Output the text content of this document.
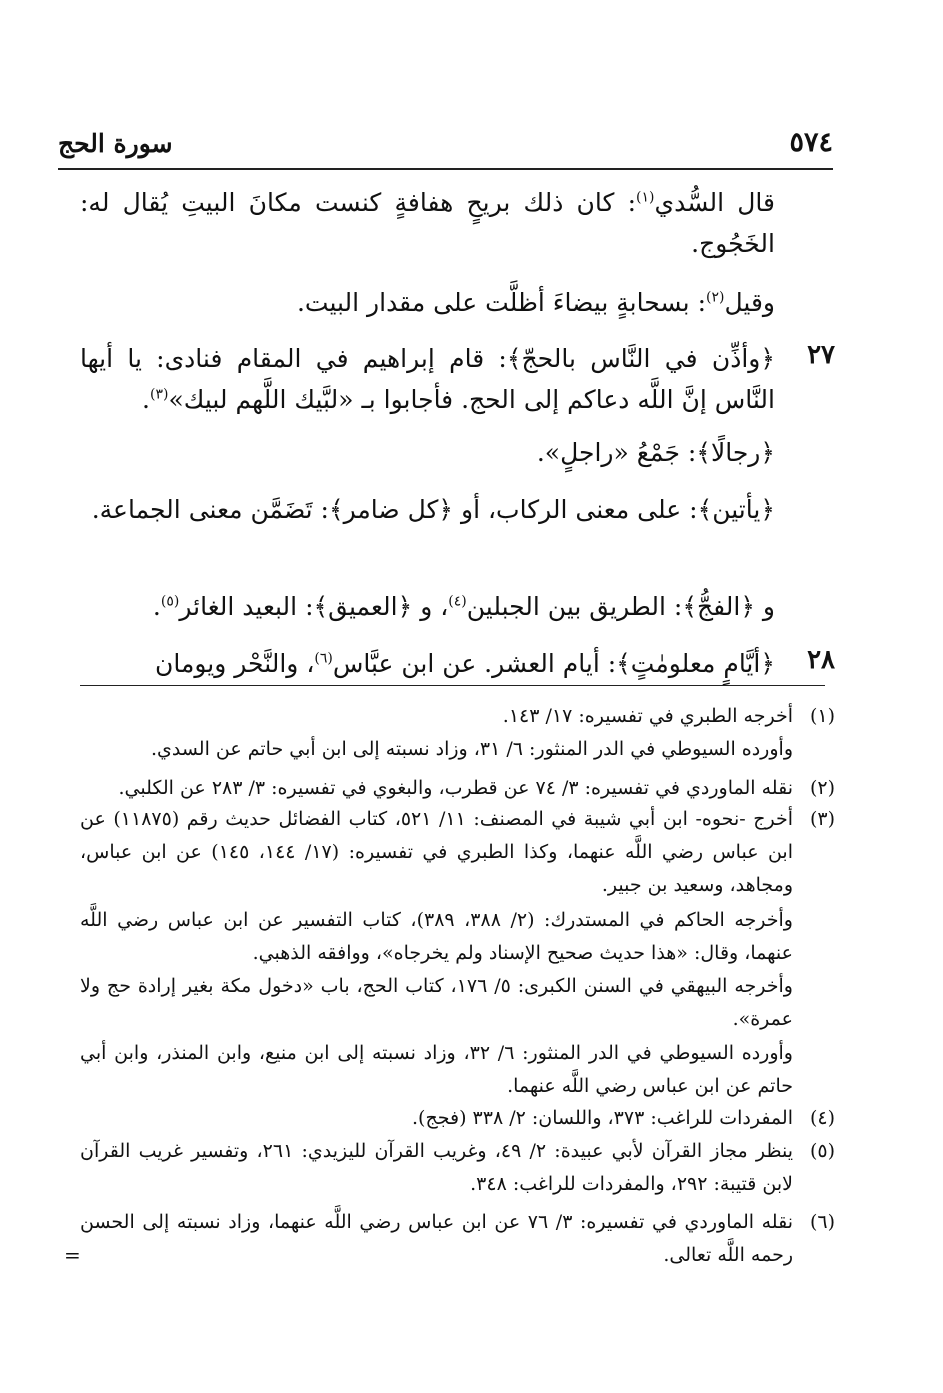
٥٧٤
سورة الحج

قال السُّدي$^{(١)}$: كان ذلك بريحٍ هفافةٍ كنست مكانَ البيتِ يُقال له: الخَجُوج.

وقيل$^{(٢)}$: بسحابةٍ بيضاءَ أظلَّت على مقدار البيت.

٢٧

﴿وأذِّن في النَّاس بالحجّ﴾: قام إبراهيم في المقام فنادى: يا أيها النَّاس إنَّ اللَّه دعاكم إلى الحج. فأجابوا بـ «لبَّيك اللَّهم لبيك»$^{(٣)}$.

﴿رجالًا﴾: جَمْعُ «راجلٍ».

﴿يأتين﴾: على معنى الركاب، أو ﴿كل ضامر﴾: تَضَمَّن معنى الجماعة.

و ﴿الفجُّ﴾: الطريق بين الجبلين$^{(٤)}$، و ﴿العميق﴾: البعيد الغائر$^{(٥)}$.

٢٨

﴿أيَّامٍ معلومٰتٍ﴾: أيام العشر. عن ابن عبَّاس$^{(٦)}$، والنَّحْر ويومان

(١)
أخرجه الطبري في تفسيره: ١٧/ ١٤٣.
وأورده السيوطي في الدر المنثور: ٦/ ٣١، وزاد نسبته إلى ابن أبي حاتم عن السدي.
(٢)
نقله الماوردي في تفسيره: ٣/ ٧٤ عن قطرب، والبغوي في تفسيره: ٣/ ٢٨٣ عن الكلبي.
(٣)
أخرج -نحوه- ابن أبي شيبة في المصنف: ١١/ ٥٢١، كتاب الفضائل حديث رقم (١١٨٧٥) عن ابن عباس رضي اللَّه عنهما، وكذا الطبري في تفسيره: (١٧/ ١٤٤، ١٤٥) عن ابن عباس، ومجاهد، وسعيد بن جبير.

وأخرجه الحاكم في المستدرك: (٢/ ٣٨٨، ٣٨٩)، كتاب التفسير عن ابن عباس رضي اللَّه عنهما، وقال: «هذا حديث صحيح الإسناد ولم يخرجاه»، ووافقه الذهبي.

وأخرجه البيهقي في السنن الكبرى: ٥/ ١٧٦، كتاب الحج، باب «دخول مكة بغير إرادة حج ولا عمرة».

وأورده السيوطي في الدر المنثور: ٦/ ٣٢، وزاد نسبته إلى ابن منيع، وابن المنذر، وابن أبي حاتم عن ابن عباس رضي اللَّه عنهما.

(٤)
المفردات للراغب: ٣٧٣، واللسان: ٢/ ٣٣٨ (فجج).
(٥)
ينظر مجاز القرآن لأبي عبيدة: ٢/ ٤٩، وغريب القرآن لليزيدي: ٢٦١، وتفسير غريب القرآن لابن قتيبة: ٢٩٢، والمفردات للراغب: ٣٤٨.
(٦)
نقله الماوردي في تفسيره: ٣/ ٧٦ عن ابن عباس رضي اللَّه عنهما، وزاد نسبته إلى الحسن رحمه اللَّه تعالى.
=
